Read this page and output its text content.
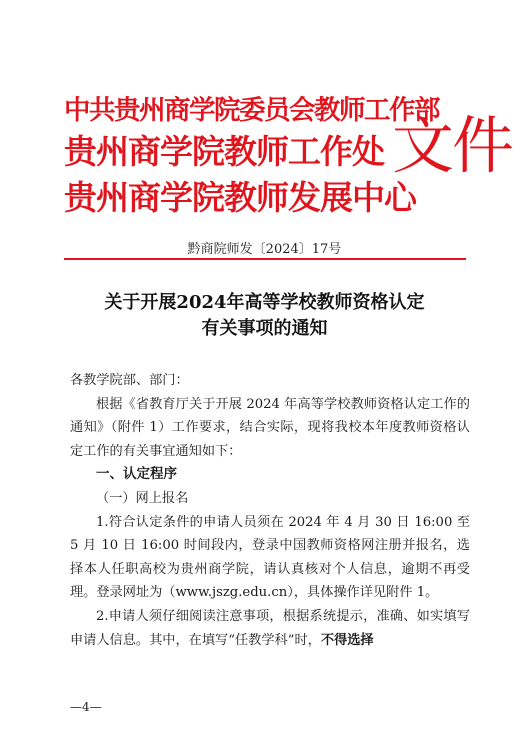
中共贵州商学院委员会教师工作部
贵州商学院教师工作处
贵州商学院教师发展中心
文件
黔商院师发〔2024〕17号
关于开展2024年高等学校教师资格认定
有关事项的通知

各教学院部、部门：

根据《省教育厅关于开展 2024 年高等学校教师资格认定工作的通知》（附件 1）工作要求，结合实际，现将我校本年度教师资格认定工作的有关事宜通知如下：

一、认定程序

（一）网上报名

1.符合认定条件的申请人员须在 2024 年 4 月 30 日 16:00 至 5 月 10 日 16:00 时间段内，登录中国教师资格网注册并报名，选择本人任职高校为贵州商学院，请认真核对个人信息，逾期不再受理。登录网址为（www.jszg.edu.cn），具体操作详见附件 1。

2.申请人须仔细阅读注意事项，根据系统提示，准确、如实填写申请人信息。其中，在填写“任教学科”时，不得选择

—4—
